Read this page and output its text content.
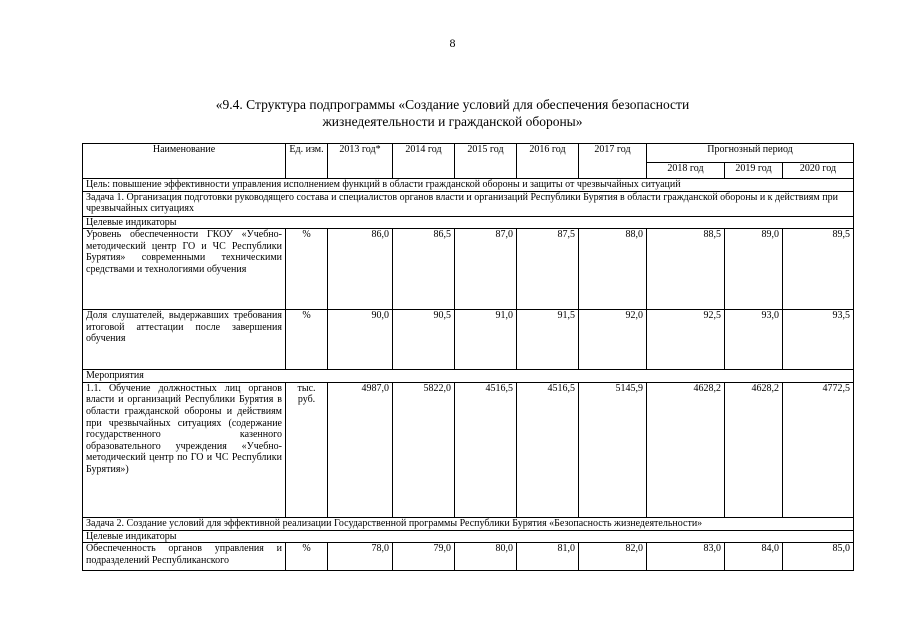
8
«9.4. Структура подпрограммы «Создание условий для обеспечения безопасности
жизнедеятельности и гражданской обороны»
Наименование	Ед. изм.	2013 год*	2014 год	2015 год	2016 год	2017 год	Прогнозный период		
							2018 год	2019 год	2020 год
Цель: повышение эффективности управления исполнением функций в области гражданской обороны и защиты от чрезвычайных ситуаций									
Задача 1. Организация подготовки руководящего состава и специалистов органов власти и организаций Республики Бурятия в области гражданской обороны и к действиям при чрезвычайных ситуациях									
Целевые индикаторы									
Уровень обеспеченности ГКОУ «Учебно-методический центр ГО и ЧС Республики Бурятия» современными техническими средствами и технологиями обучения	%	86,0	86,5	87,0	87,5	88,0	88,5	89,0	89,5
Доля слушателей, выдержавших требования итоговой аттестации после завершения обучения	%	90,0	90,5	91,0	91,5	92,0	92,5	93,0	93,5
Мероприятия									
1.1. Обучение должностных лиц органов власти и организаций Республики Бурятия в области гражданской обороны и действиям при чрезвычайных ситуациях (содержание государственного казенного образовательного учреждения «Учебно-методический центр по ГО и ЧС Республики Бурятия»)	тыс. руб.	4987,0	5822,0	4516,5	4516,5	5145,9	4628,2	4628,2	4772,5
Задача 2. Создание условий для эффективной реализации Государственной программы Республики Бурятия «Безопасность жизнедеятельности»									
Целевые индикаторы									
Обеспеченность органов управления и подразделений Республиканского	%	78,0	79,0	80,0	81,0	82,0	83,0	84,0	85,0
